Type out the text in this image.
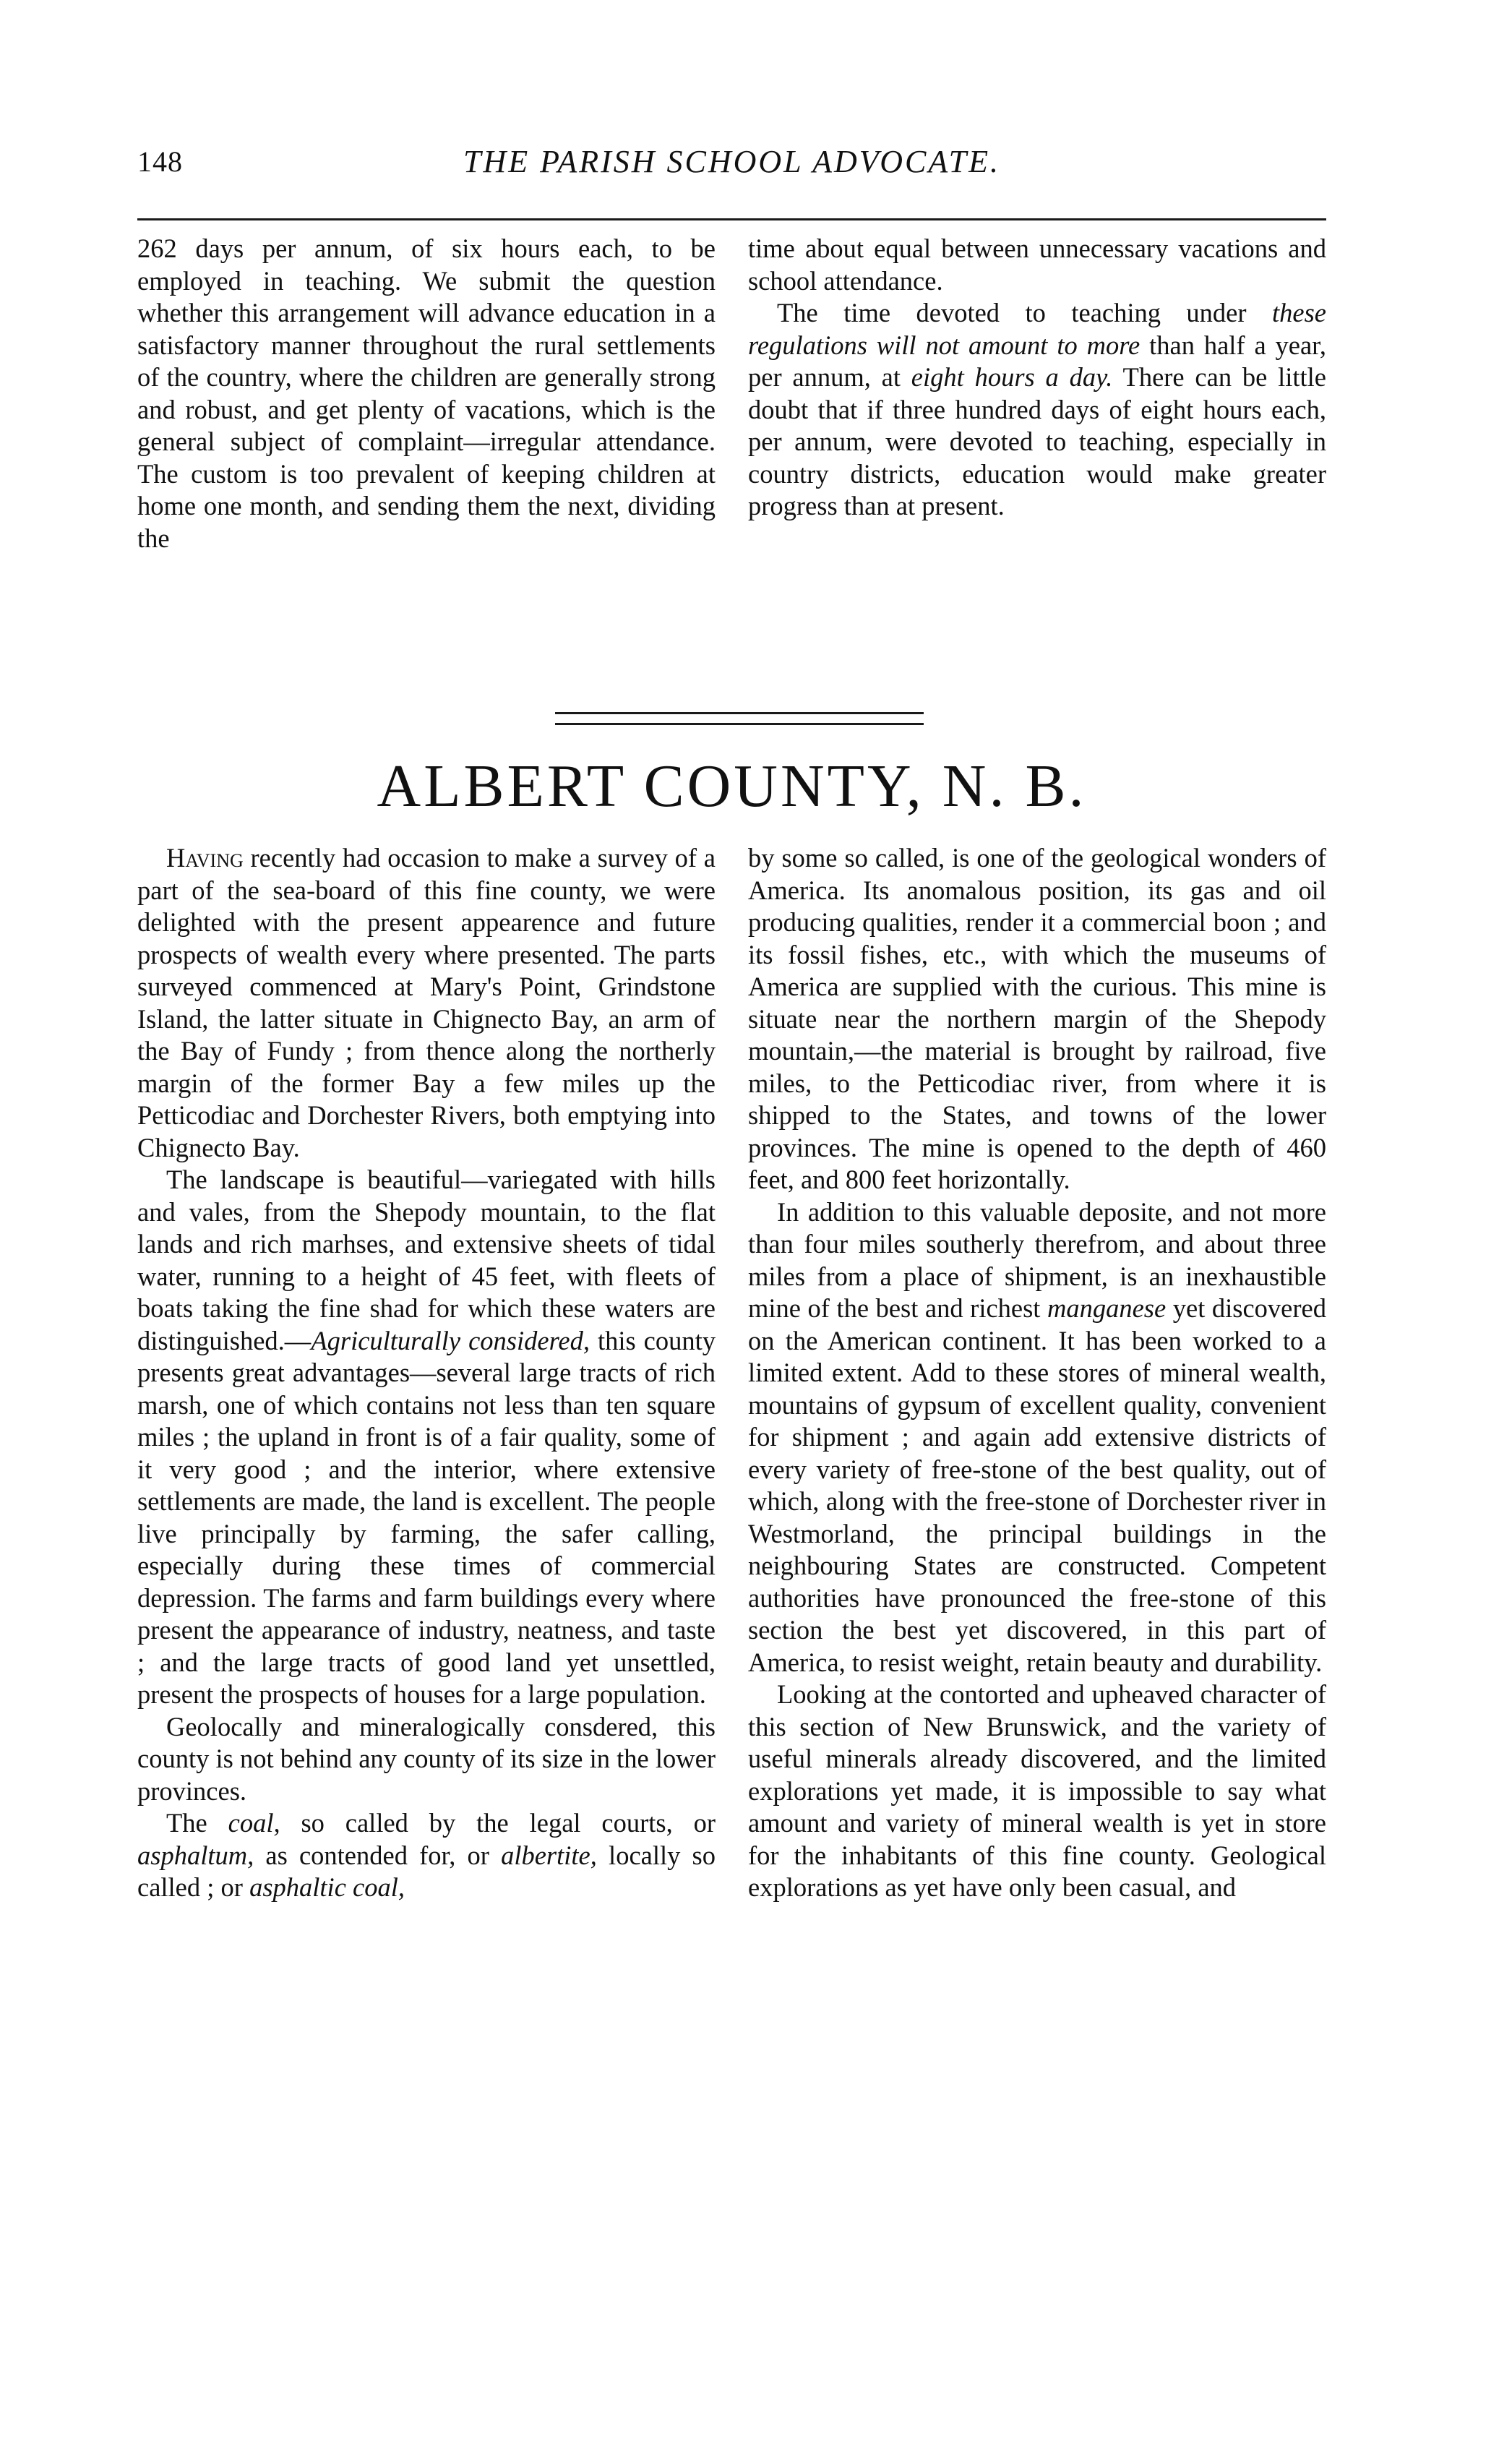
148	THE PARISH SCHOOL ADVOCATE.

262 days per annum, of six hours each, to be employed in teaching. We submit the question whether this arrangement will advance education in a satisfactory manner throughout the rural settlements of the country, where the children are generally strong and robust, and get plenty of vacations, which is the general subject of complaint—irregular attendance. The custom is too prevalent of keeping children at home one month, and sending them the next, dividing the

time about equal between unnecessary vacations and school attendance.

The time devoted to teaching under these regulations will not amount to more than half a year, per annum, at eight hours a day. There can be little doubt that if three hundred days of eight hours each, per annum, were devoted to teaching, especially in country districts, education would make greater progress than at present.

ALBERT COUNTY, N. B.

Having recently had occasion to make a survey of a part of the sea-board of this fine county, we were delighted with the present appearence and future prospects of wealth every where presented. The parts surveyed commenced at Mary's Point, Grindstone Island, the latter situate in Chignecto Bay, an arm of the Bay of Fundy ; from thence along the northerly margin of the former Bay a few miles up the Petticodiac and Dorchester Rivers, both emptying into Chignecto Bay.

The landscape is beautiful—variegated with hills and vales, from the Shepody mountain, to the flat lands and rich marhses, and extensive sheets of tidal water, running to a height of 45 feet, with fleets of boats taking the fine shad for which these waters are distinguished.—Agriculturally considered, this county presents great advantages—several large tracts of rich marsh, one of which contains not less than ten square miles ; the upland in front is of a fair quality, some of it very good ; and the interior, where extensive settlements are made, the land is excellent. The people live principally by farming, the safer calling, especially during these times of commercial depression. The farms and farm buildings every where present the appearance of industry, neatness, and taste ; and the large tracts of good land yet unsettled, present the prospects of houses for a large population.

Geolocally and mineralogically consdered, this county is not behind any county of its size in the lower provinces.

The coal, so called by the legal courts, or asphaltum, as contended for, or albertite, locally so called ; or asphaltic coal,

by some so called, is one of the geological wonders of America. Its anomalous position, its gas and oil producing qualities, render it a commercial boon ; and its fossil fishes, etc., with which the museums of America are supplied with the curious. This mine is situate near the northern margin of the Shepody mountain,—the material is brought by railroad, five miles, to the Petticodiac river, from where it is shipped to the States, and towns of the lower provinces. The mine is opened to the depth of 460 feet, and 800 feet horizontally.

In addition to this valuable deposite, and not more than four miles southerly therefrom, and about three miles from a place of shipment, is an inexhaustible mine of the best and richest manganese yet discovered on the American continent. It has been worked to a limited extent. Add to these stores of mineral wealth, mountains of gypsum of excellent quality, convenient for shipment ; and again add extensive districts of every variety of free-stone of the best quality, out of which, along with the free-stone of Dorchester river in Westmorland, the principal buildings in the neighbouring States are constructed. Competent authorities have pronounced the free-stone of this section the best yet discovered, in this part of America, to resist weight, retain beauty and durability.

Looking at the contorted and upheaved character of this section of New Brunswick, and the variety of useful minerals already discovered, and the limited explorations yet made, it is impossible to say what amount and variety of mineral wealth is yet in store for the inhabitants of this fine county. Geological explorations as yet have only been casual, and
